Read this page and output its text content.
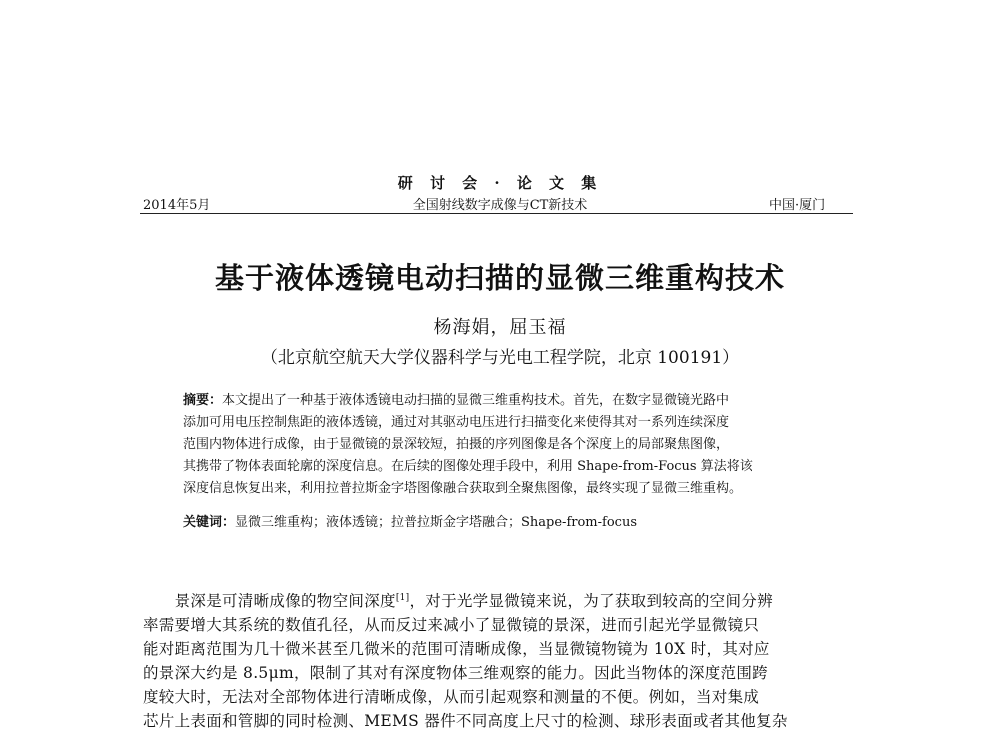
研 讨 会 · 论 文 集
全国射线数字成像与CT新技术
2014年5月	中国·厦门
基于液体透镜电动扫描的显微三维重构技术
杨海娟，屈玉福
（北京航空航天大学仪器科学与光电工程学院，北京 100191）
摘要：本文提出了一种基于液体透镜电动扫描的显微三维重构技术。首先，在数字显微镜光路中
添加可用电压控制焦距的液体透镜，通过对其驱动电压进行扫描变化来使得其对一系列连续深度
范围内物体进行成像，由于显微镜的景深较短，拍摄的序列图像是各个深度上的局部聚焦图像，
其携带了物体表面轮廓的深度信息。在后续的图像处理手段中，利用 Shape-from-Focus 算法将该
深度信息恢复出来，利用拉普拉斯金字塔图像融合获取到全聚焦图像，最终实现了显微三维重构。
关键词：显微三维重构；液体透镜；拉普拉斯金字塔融合；Shape-from-focus
　　景深是可清晰成像的物空间深度[1]，对于光学显微镜来说，为了获取到较高的空间分辨
率需要增大其系统的数值孔径，从而反过来减小了显微镜的景深，进而引起光学显微镜只
能对距离范围为几十微米甚至几微米的范围可清晰成像，当显微镜物镜为 10X 时，其对应
的景深大约是 8.5μm，限制了其对有深度物体三维观察的能力。因此当物体的深度范围跨
度较大时，无法对全部物体进行清晰成像，从而引起观察和测量的不便。例如，当对集成
芯片上表面和管脚的同时检测、MEMS 器件不同高度上尺寸的检测、球形表面或者其他复杂
